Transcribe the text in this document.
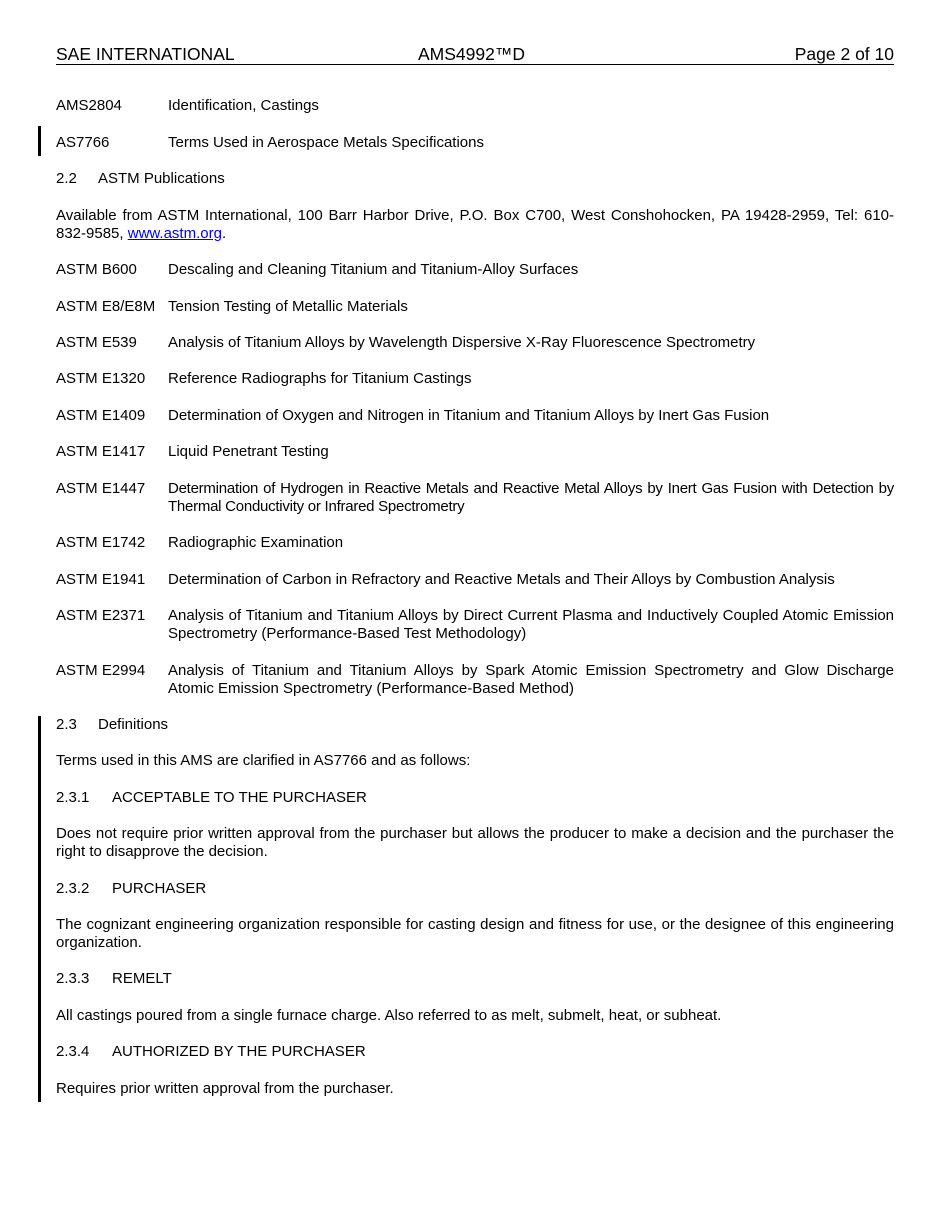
SAE INTERNATIONAL	AMS4992™D	Page 2 of 10
AMS2804	Identification, Castings
AS7766	Terms Used in Aerospace Metals Specifications
2.2 ASTM Publications
Available from ASTM International, 100 Barr Harbor Drive, P.O. Box C700, West Conshohocken, PA 19428-2959, Tel: 610-832-9585, www.astm.org.
ASTM B600 Descaling and Cleaning Titanium and Titanium-Alloy Surfaces
ASTM E8/E8M Tension Testing of Metallic Materials
ASTM E539 Analysis of Titanium Alloys by Wavelength Dispersive X-Ray Fluorescence Spectrometry
ASTM E1320 Reference Radiographs for Titanium Castings
ASTM E1409 Determination of Oxygen and Nitrogen in Titanium and Titanium Alloys by Inert Gas Fusion
ASTM E1417 Liquid Penetrant Testing
ASTM E1447 Determination of Hydrogen in Reactive Metals and Reactive Metal Alloys by Inert Gas Fusion with Detection by Thermal Conductivity or Infrared Spectrometry
ASTM E1742 Radiographic Examination
ASTM E1941 Determination of Carbon in Refractory and Reactive Metals and Their Alloys by Combustion Analysis
ASTM E2371 Analysis of Titanium and Titanium Alloys by Direct Current Plasma and Inductively Coupled Atomic Emission Spectrometry (Performance-Based Test Methodology)
ASTM E2994 Analysis of Titanium and Titanium Alloys by Spark Atomic Emission Spectrometry and Glow Discharge Atomic Emission Spectrometry (Performance-Based Method)
2.3 Definitions
Terms used in this AMS are clarified in AS7766 and as follows:
2.3.1 ACCEPTABLE TO THE PURCHASER
Does not require prior written approval from the purchaser but allows the producer to make a decision and the purchaser the right to disapprove the decision.
2.3.2 PURCHASER
The cognizant engineering organization responsible for casting design and fitness for use, or the designee of this engineering organization.
2.3.3 REMELT
All castings poured from a single furnace charge. Also referred to as melt, submelt, heat, or subheat.
2.3.4 AUTHORIZED BY THE PURCHASER
Requires prior written approval from the purchaser.
